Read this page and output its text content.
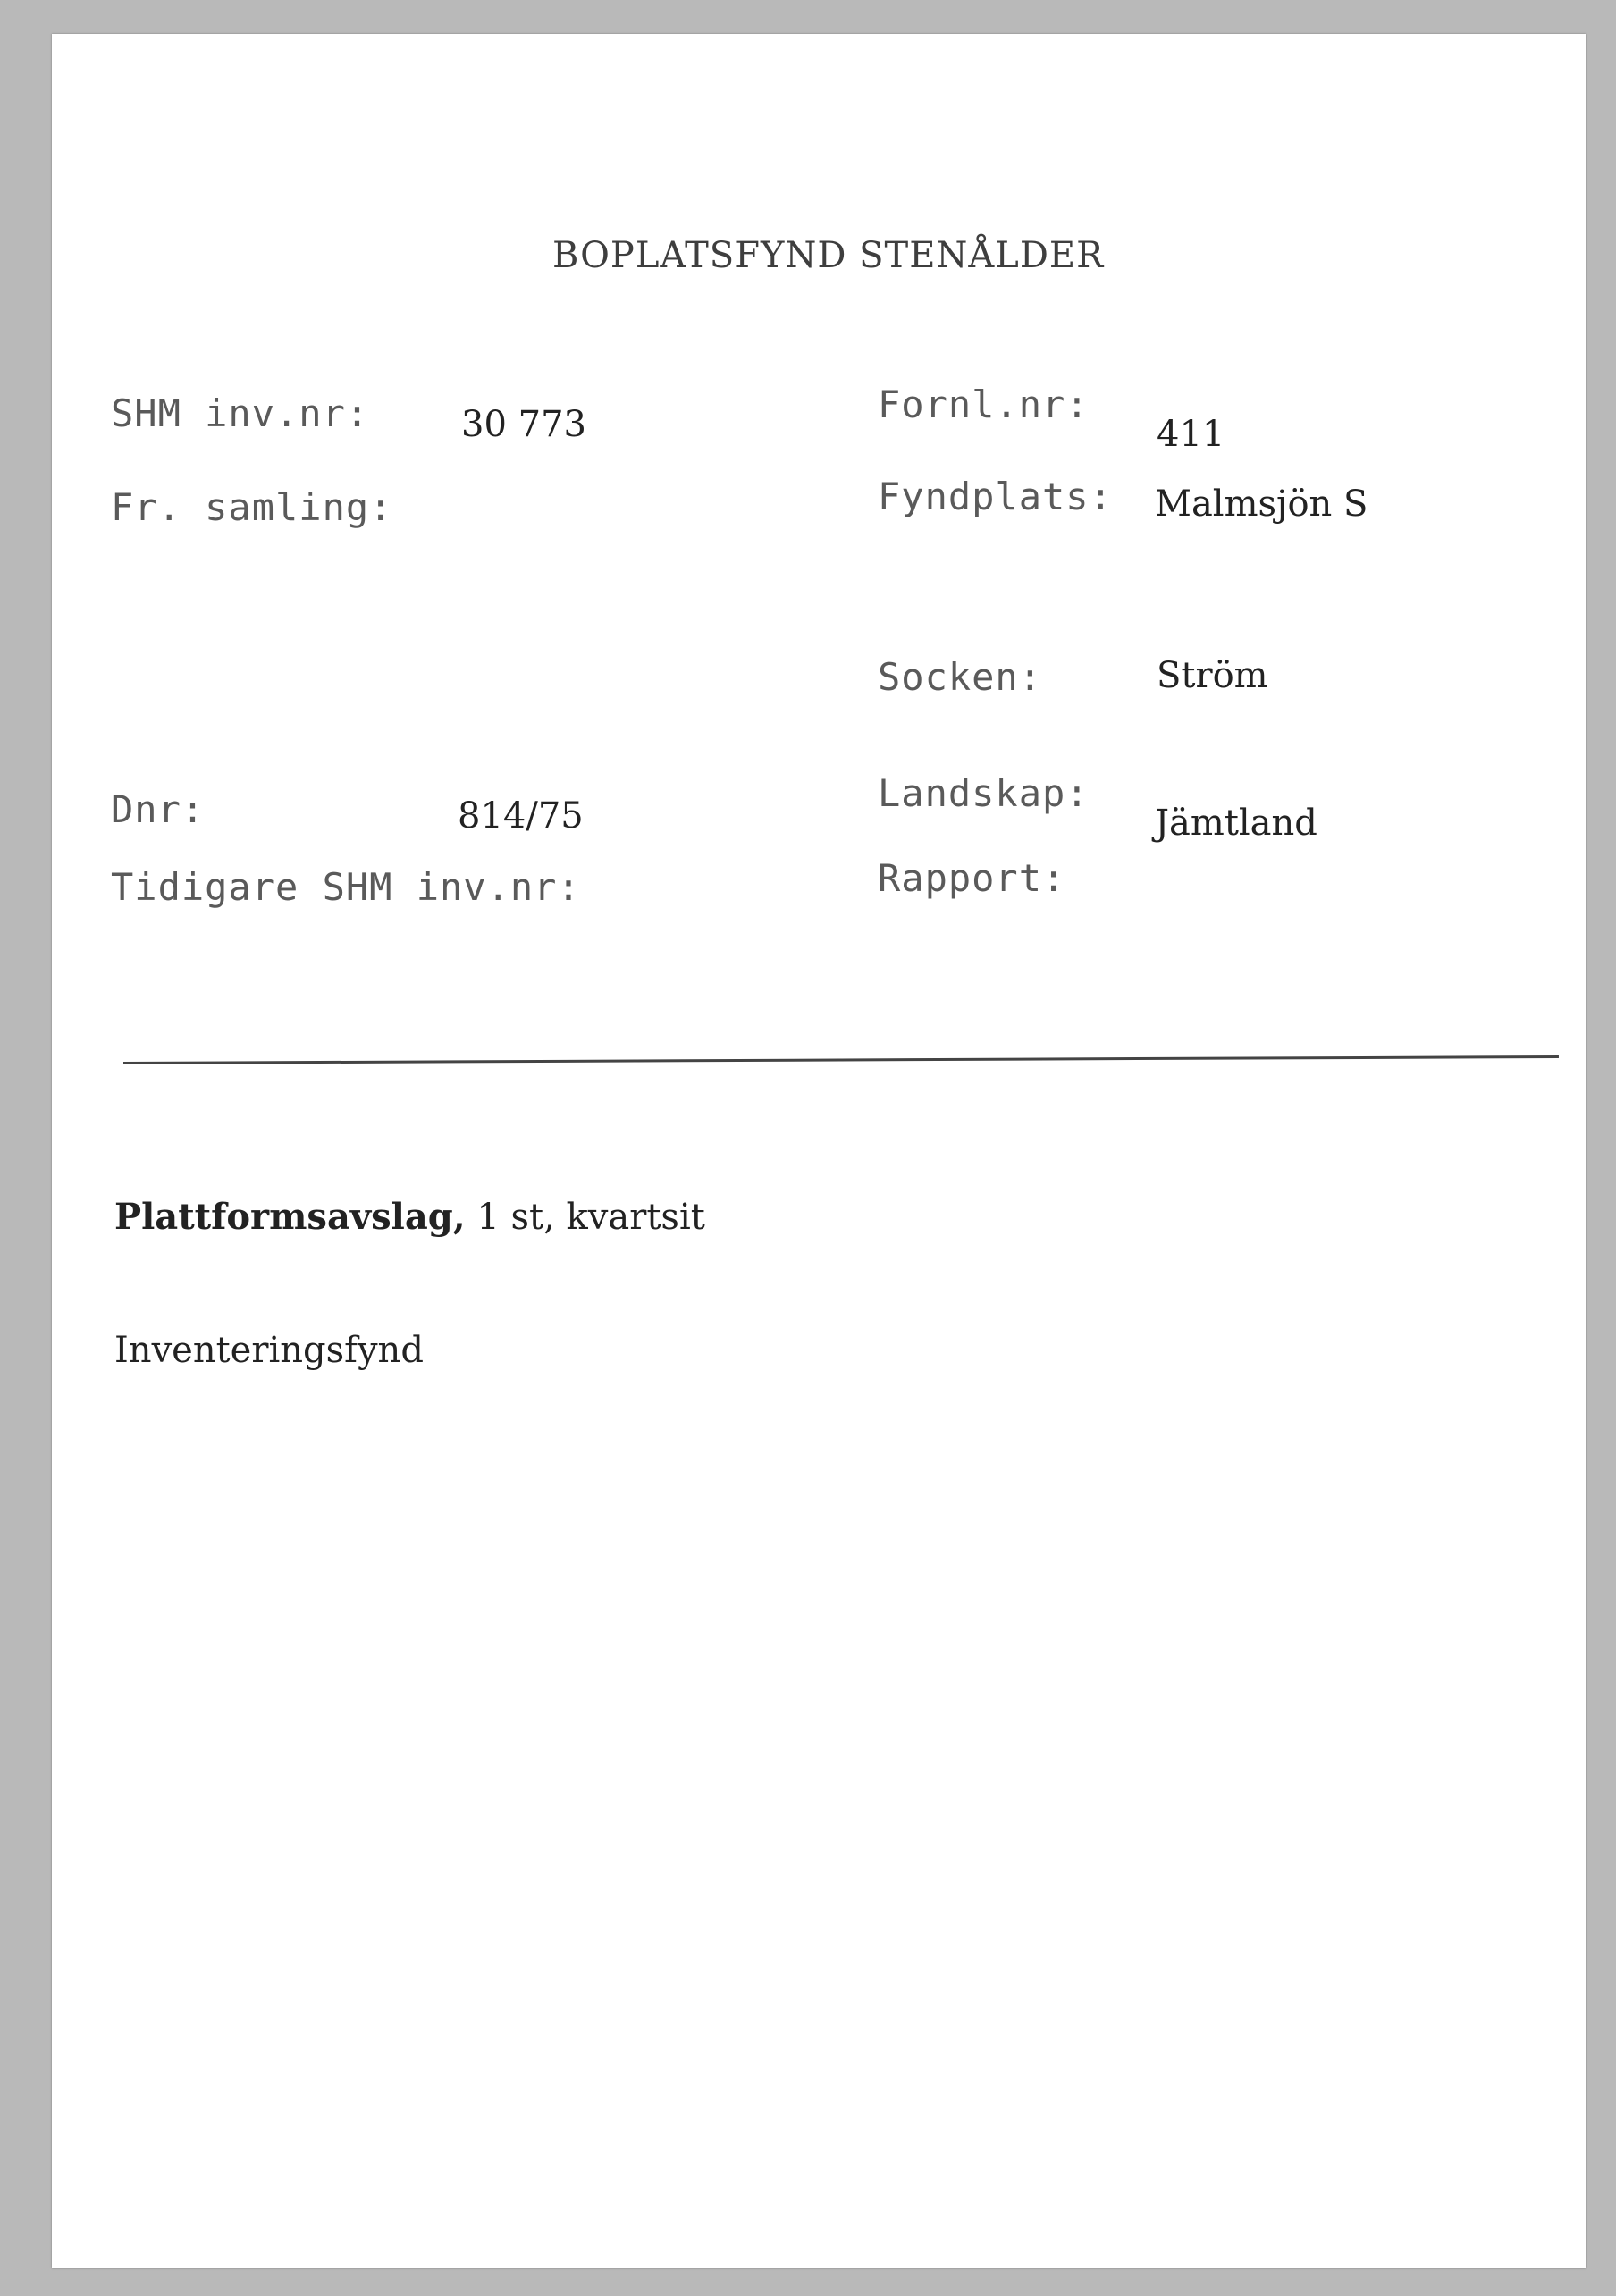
BOPLATSFYND STENÅLDER
SHM inv.nr:	30 773
Fr. samling:
Dnr:	814/75
Tidigare SHM inv.nr:
Fornl.nr:
411
Fyndplats: Malmsjön S
Socken:	Ström
Landskap:
Jämtland
Rapport:
Plattformsavslag, 1 st, kvartsit
Inventeringsfynd
